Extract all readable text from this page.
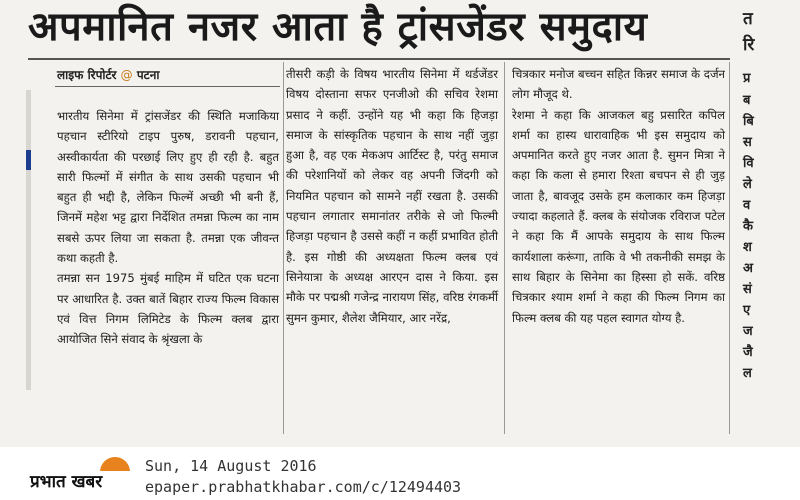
अपमानित नजर आता है ट्रांसजेंडर समुदाय
लाइफ रिपोर्टर @ पटना

भारतीय सिनेमा में ट्रांसजेंडर की स्थिति मजाकिया पहचान स्टीरियो टाइप पुरुष, डरावनी पहचान, अस्वीकार्यता की परछाई लिए हुए ही रही है. बहुत सारी फिल्मों में संगीत के साथ उसकी पहचान भी बहुत ही भद्दी है, लेकिन फिल्में अच्छी भी बनी हैं, जिनमें महेश भट्ट द्वारा निर्देशित तमन्ना फिल्म का नाम सबसे ऊपर लिया जा सकता है. तमन्ना एक जीवन्त कथा कहती है.

तमन्ना सन 1975 मुंबई माहिम में घटित एक घटना पर आधारित है. उक्त बातें बिहार राज्य फिल्म विकास एवं वित्त निगम लिमिटेड के फिल्म क्लब द्वारा आयोजित सिने संवाद के श्रृंखला के

तीसरी कड़ी के विषय भारतीय सिनेमा में थर्डजेंडर विषय दोस्ताना सफर एनजीओ की सचिव रेशमा प्रसाद ने कहीं. उन्होंने यह भी कहा कि हिजड़ा समाज के सांस्कृतिक पहचान के साथ नहीं जुड़ा हुआ है, वह एक मेकअप आर्टिस्ट है, परंतु समाज की परेशानियों को लेकर वह अपनी जिंदगी को नियमित पहचान को सामने नहीं रखता है. उसकी पहचान लगातार समानांतर तरीके से जो फिल्मी हिजड़ा पहचान है उससे कहीं न कहीं प्रभावित होती है. इस गोष्ठी की अध्यक्षता फिल्म क्लब एवं सिनेयात्रा के अध्यक्ष आरएन दास ने किया. इस मौके पर पद्मश्री गजेन्द्र नारायण सिंह, वरिष्ठ रंगकर्मी सुमन कुमार, शैलेश जैमियार, आर नरेंद्र,

चित्रकार मनोज बच्चन सहित किन्नर समाज के दर्जन लोग मौजूद थे.

रेशमा ने कहा कि आजकल बहु प्रसारित कपिल शर्मा का हास्य धारावाहिक भी इस समुदाय को अपमानित करते हुए नजर आता है. सुमन मित्रा ने कहा कि कला से हमारा रिश्ता बचपन से ही जुड़ जाता है, बावजूद उसके हम कलाकार कम हिजड़ा ज्यादा कहलाते हैं. क्लब के संयोजक रविराज पटेल ने कहा कि मैं आपके समुदाय के साथ फिल्म कार्यशाला करूंगा, ताकि वे भी तकनीकी समझ के साथ बिहार के सिनेमा का हिस्सा हो सकें. वरिष्ठ चित्रकार श्याम शर्मा ने कहा की फिल्म निगम का फिल्म क्लब की यह पहल स्वागत योग्य है.

त
रि
प्र
ब
बि
स
वि
ले
व
कै
श
अ
सं
ए
ज
जै
ल
प्रभात खबर
Sun, 14 August 2016
epaper.prabhatkhabar.com/c/12494403
